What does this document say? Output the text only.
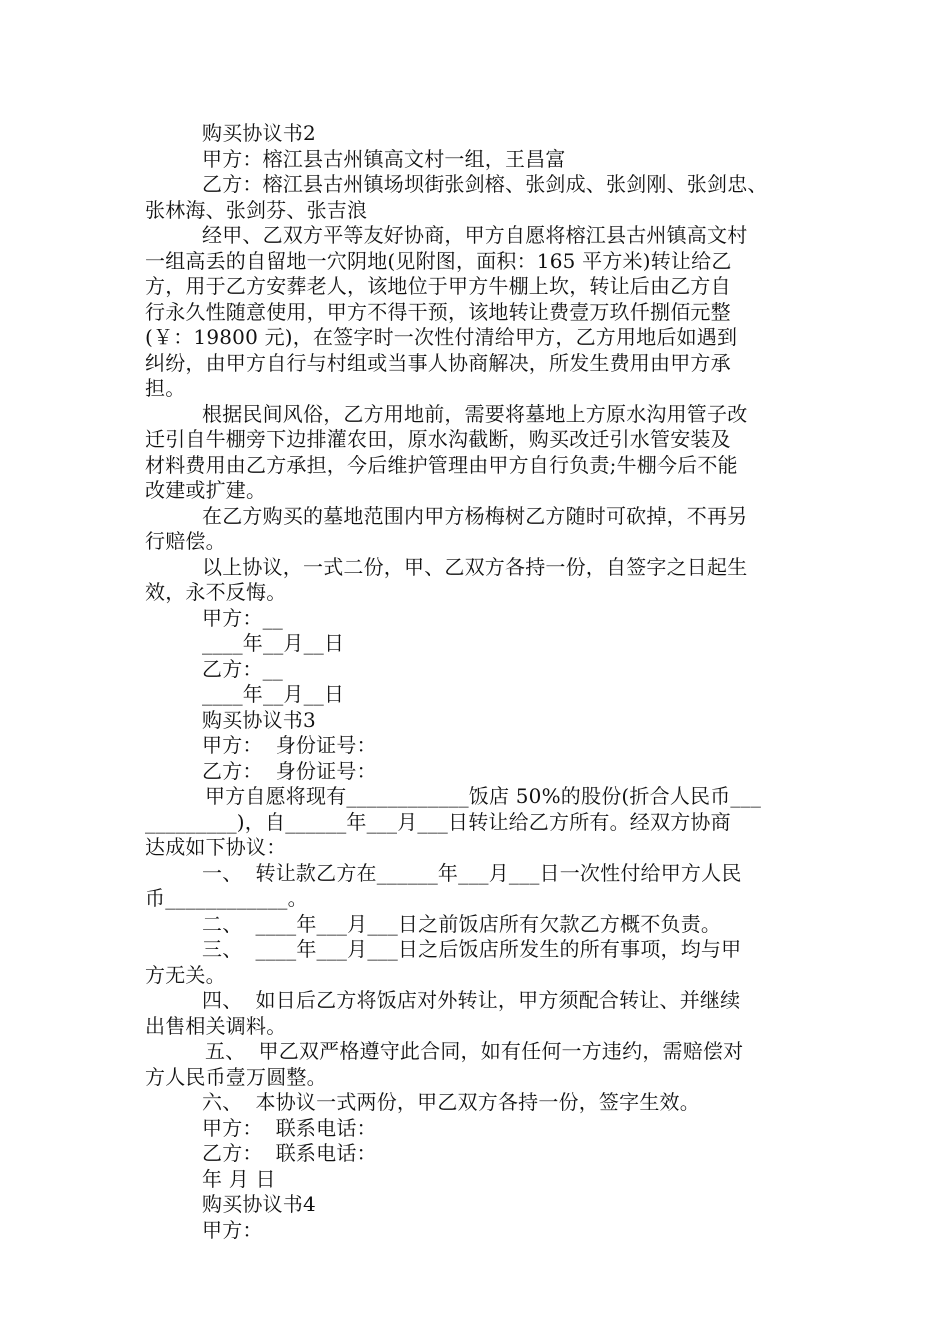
购买协议书2
甲方：榕江县古州镇高文村一组，王昌富
乙方：榕江县古州镇场坝街张剑榕、张剑成、张剑刚、张剑忠、
张林海、张剑芬、张吉浪
经甲、乙双方平等友好协商，甲方自愿将榕江县古州镇高文村
一组高丢的自留地一穴阴地(见附图，面积：165 平方米)转让给乙
方，用于乙方安葬老人，该地位于甲方牛棚上坎，转让后由乙方自
行永久性随意使用，甲方不得干预，该地转让费壹万玖仟捌佰元整
(￥：19800 元)，在签字时一次性付清给甲方，乙方用地后如遇到
纠纷，由甲方自行与村组或当事人协商解决，所发生费用由甲方承
担。
根据民间风俗，乙方用地前，需要将墓地上方原水沟用管子改
迁引自牛棚旁下边排灌农田，原水沟截断，购买改迁引水管安装及
材料费用由乙方承担，今后维护管理由甲方自行负责;牛棚今后不能
改建或扩建。
在乙方购买的墓地范围内甲方杨梅树乙方随时可砍掉，不再另
行赔偿。
以上协议，一式二份，甲、乙双方各持一份，自签字之日起生
效，永不反悔。
甲方：__
____年__月__日
乙方：__
____年__月__日
购买协议书3
甲方：  身份证号：
乙方：  身份证号：
甲方自愿将现有____________饭店 50%的股份(折合人民币___
_________)，自______年___月___日转让给乙方所有。经双方协商
达成如下协议：
一、  转让款乙方在______年___月___日一次性付给甲方人民
币____________。
二、  ____年___月___日之前饭店所有欠款乙方概不负责。
三、  ____年___月___日之后饭店所发生的所有事项，均与甲
方无关。
四、  如日后乙方将饭店对外转让，甲方须配合转让、并继续
出售相关调料。
五、  甲乙双严格遵守此合同，如有任何一方违约，需赔偿对
方人民币壹万圆整。
六、  本协议一式两份，甲乙双方各持一份，签字生效。
甲方：  联系电话：
乙方：  联系电话：
年 月 日
购买协议书4
甲方：
